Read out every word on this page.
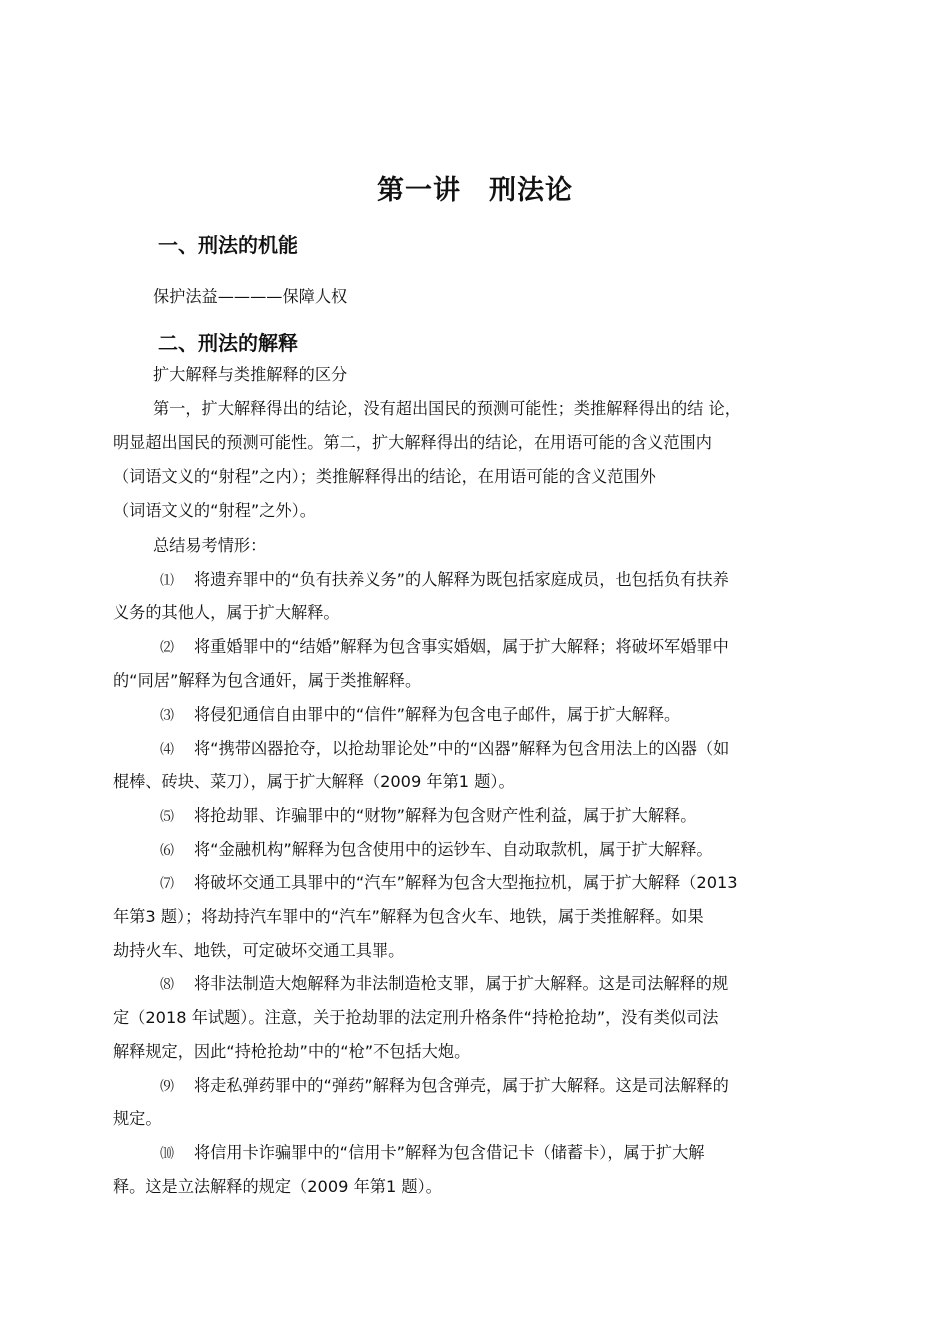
第一讲　刑法论
一、刑法的机能
保护法益————保障人权
二、刑法的解释
扩大解释与类推解释的区分
第一，扩大解释得出的结论，没有超出国民的预测可能性；类推解释得出的结 论，
明显超出国民的预测可能性。第二，扩大解释得出的结论，在用语可能的含义范围内
（词语文义的“射程”之内）；类推解释得出的结论，在用语可能的含义范围外
（词语文义的“射程”之外）。
总结易考情形：
⑴ 将遗弃罪中的“负有扶养义务”的人解释为既包括家庭成员，也包括负有扶养
义务的其他人，属于扩大解释。
⑵ 将重婚罪中的“结婚”解释为包含事实婚姻，属于扩大解释；将破坏军婚罪中
的“同居”解释为包含通奸，属于类推解释。
⑶ 将侵犯通信自由罪中的“信件”解释为包含电子邮件，属于扩大解释。
⑷ 将“携带凶器抢夺，以抢劫罪论处”中的“凶器”解释为包含用法上的凶器（如
棍棒、砖块、菜刀），属于扩大解释（2009 年第1 题）。
⑸ 将抢劫罪、诈骗罪中的“财物”解释为包含财产性利益，属于扩大解释。
⑹ 将“金融机构”解释为包含使用中的运钞车、自动取款机，属于扩大解释。
⑺ 将破坏交通工具罪中的“汽车”解释为包含大型拖拉机，属于扩大解释（2013
年第3 题）；将劫持汽车罪中的“汽车”解释为包含火车、地铁，属于类推解释。如果
劫持火车、地铁，可定破坏交通工具罪。
⑻ 将非法制造大炮解释为非法制造枪支罪，属于扩大解释。这是司法解释的规
定（2018 年试题）。注意，关于抢劫罪的法定刑升格条件“持枪抢劫”，没有类似司法
解释规定，因此“持枪抢劫”中的“枪”不包括大炮。
⑼ 将走私弹药罪中的“弹药”解释为包含弹壳，属于扩大解释。这是司法解释的
规定。
⑽ 将信用卡诈骗罪中的“信用卡”解释为包含借记卡（储蓄卡），属于扩大解
释。这是立法解释的规定（2009 年第1 题）。
